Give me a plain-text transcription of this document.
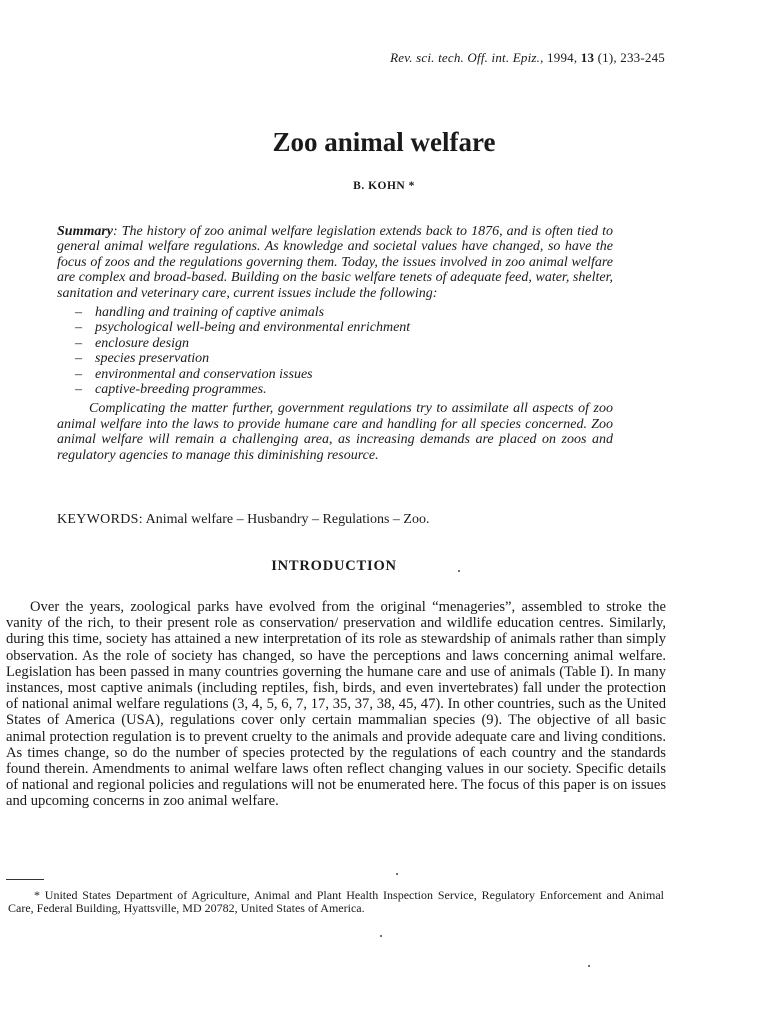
Rev. sci. tech. Off. int. Epiz., 1994, 13 (1), 233-245
Zoo animal welfare
B. KOHN *

Summary: The history of zoo animal welfare legislation extends back to 1876, and is often tied to general animal welfare regulations. As knowledge and societal values have changed, so have the focus of zoos and the regulations governing them. Today, the issues involved in zoo animal welfare are complex and broad-based. Building on the basic welfare tenets of adequate feed, water, shelter, sanitation and veterinary care, current issues include the following:

– handling and training of captive animals
– psychological well-being and environmental enrichment
– enclosure design
– species preservation
– environmental and conservation issues
– captive-breeding programmes.

Complicating the matter further, government regulations try to assimilate all aspects of zoo animal welfare into the laws to provide humane care and handling for all species concerned. Zoo animal welfare will remain a challenging area, as increasing demands are placed on zoos and regulatory agencies to manage this diminishing resource.

KEYWORDS: Animal welfare – Husbandry – Regulations – Zoo.
INTRODUCTION

Over the years, zoological parks have evolved from the original “menageries”, assembled to stroke the vanity of the rich, to their present role as conservation/ preservation and wildlife education centres. Similarly, during this time, society has attained a new interpretation of its role as stewardship of animals rather than simply observation. As the role of society has changed, so have the perceptions and laws concerning animal welfare. Legislation has been passed in many countries governing the humane care and use of animals (Table I). In many instances, most captive animals (including reptiles, fish, birds, and even invertebrates) fall under the protection of national animal welfare regulations (3, 4, 5, 6, 7, 17, 35, 37, 38, 45, 47). In other countries, such as the United States of America (USA), regulations cover only certain mammalian species (9). The objective of all basic animal protection regulation is to prevent cruelty to the animals and provide adequate care and living conditions. As times change, so do the number of species protected by the regulations of each country and the standards found therein. Amendments to animal welfare laws often reflect changing values in our society. Specific details of national and regional policies and regulations will not be enumerated here. The focus of this paper is on issues and upcoming concerns in zoo animal welfare.

* United States Department of Agriculture, Animal and Plant Health Inspection Service, Regulatory Enforcement and Animal Care, Federal Building, Hyattsville, MD 20782, United States of America.
